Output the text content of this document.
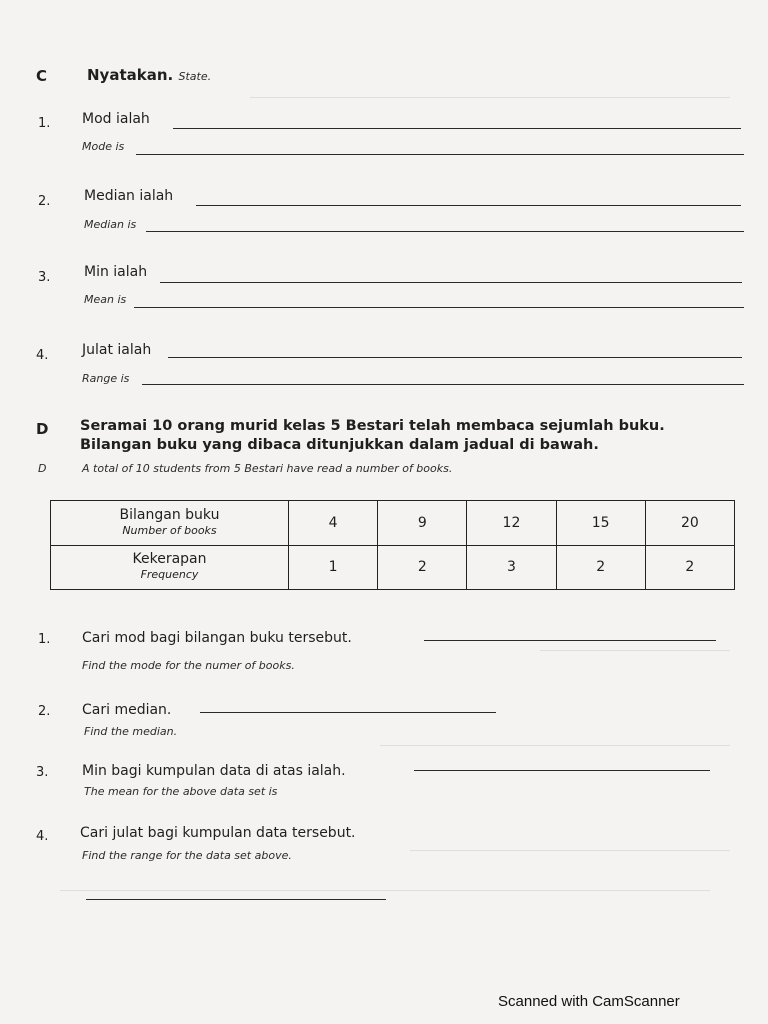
C	Nyatakan. State.
1. Mod ialah
Mode is
2. Median ialah
Median is
3. Min ialah
Mean is
4. Julat ialah
Range is
D Seramai 10 orang murid kelas 5 Bestari telah membaca sejumlah buku.
Bilangan buku yang dibaca ditunjukkan dalam jadual di bawah.
D	A total of 10 students from 5 Bestari have read a number of books.
Bilangan buku
Number of books	4	9	12	15	20

Kekerapan
Frequency	1	2	3	2	2
1. Cari mod bagi bilangan buku tersebut.
Find the mode for the numer of books.
2. Cari median.
Find the median.
3. Min bagi kumpulan data di atas ialah.
The mean for the above data set is
4. Cari julat bagi kumpulan data tersebut.
Find the range for the data set above.
Scanned with CamScanner
